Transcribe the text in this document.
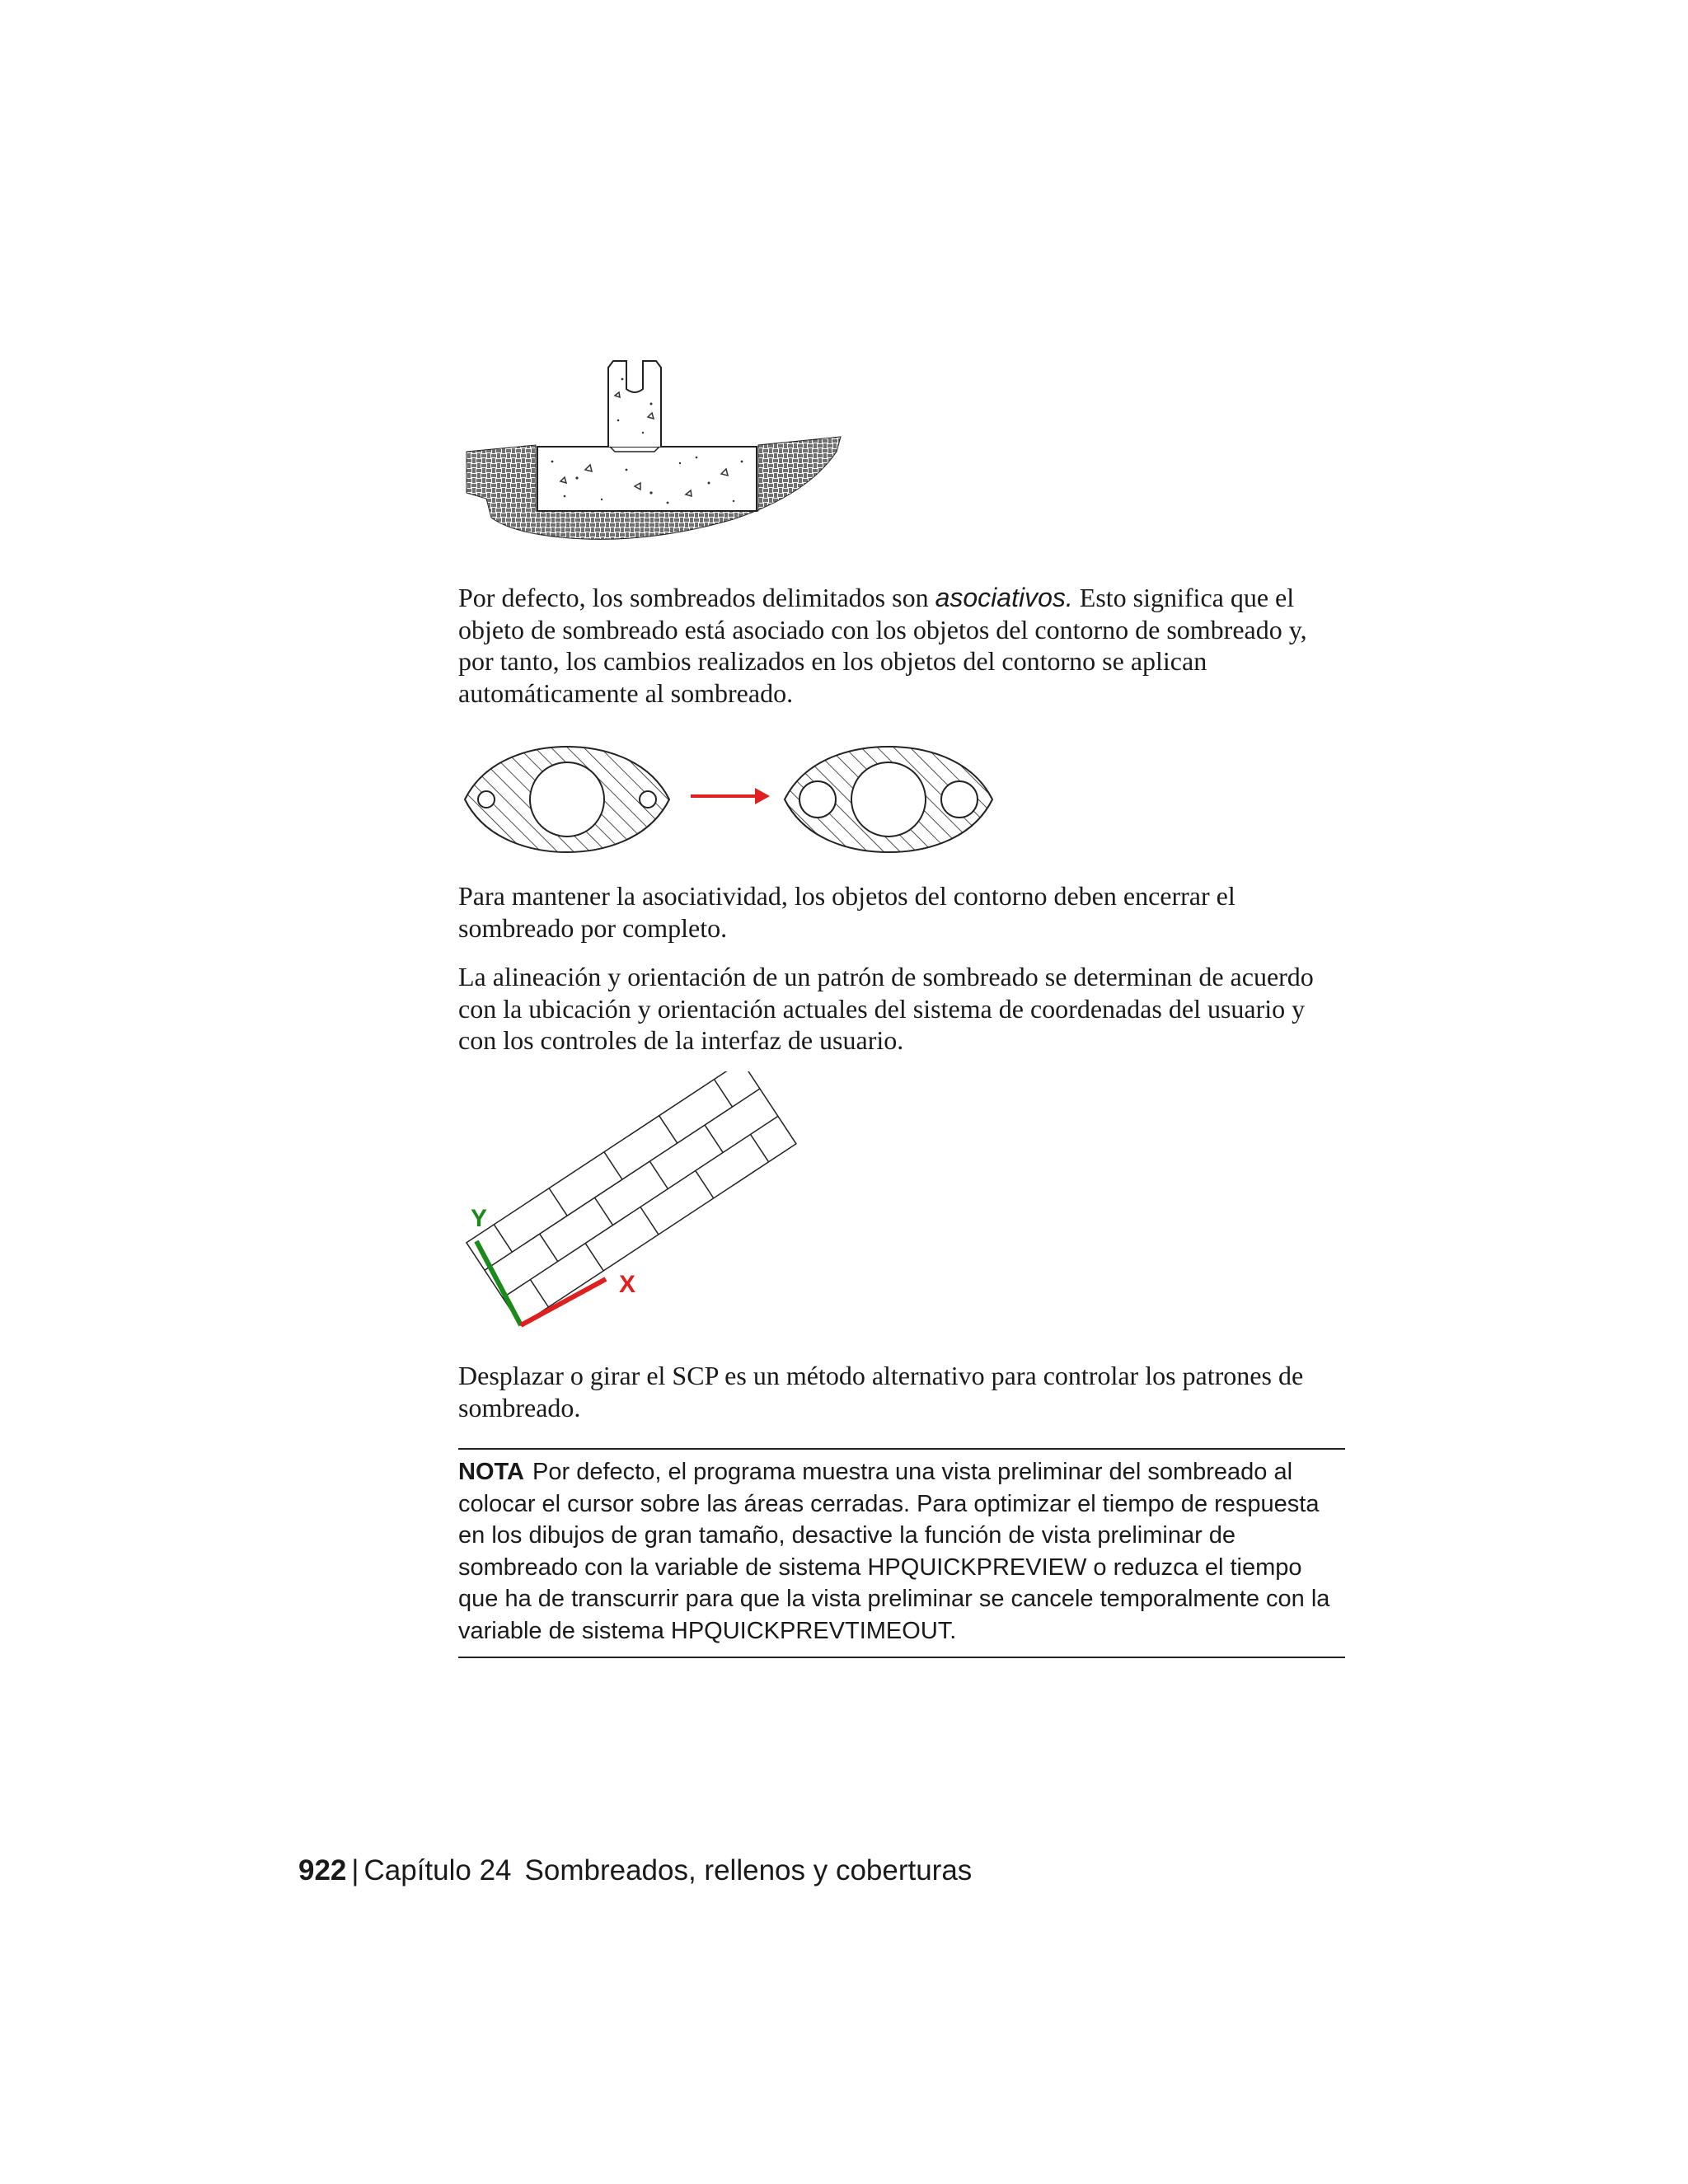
Por defecto, los sombreados delimitados son asociativos. Esto significa que el objeto de sombreado está asociado con los objetos del contorno de sombreado y, por tanto, los cambios realizados en los objetos del contorno se aplican automáticamente al sombreado.

Para mantener la asociatividad, los objetos del contorno deben encerrar el sombreado por completo.

La alineación y orientación de un patrón de sombreado se determinan de acuerdo con la ubicación y orientación actuales del sistema de coordenadas del usuario y con los controles de la interfaz de usuario.

Y
X

Desplazar o girar el SCP es un método alternativo para controlar los patrones de sombreado.

NOTA Por defecto, el programa muestra una vista preliminar del sombreado al colocar el cursor sobre las áreas cerradas. Para optimizar el tiempo de respuesta en los dibujos de gran tamaño, desactive la función de vista preliminar de sombreado con la variable de sistema HPQUICKPREVIEW o reduzca el tiempo que ha de transcurrir para que la vista preliminar se cancele temporalmente con la variable de sistema HPQUICKPREVTIMEOUT.
922 | Capítulo 24 Sombreados, rellenos y coberturas
